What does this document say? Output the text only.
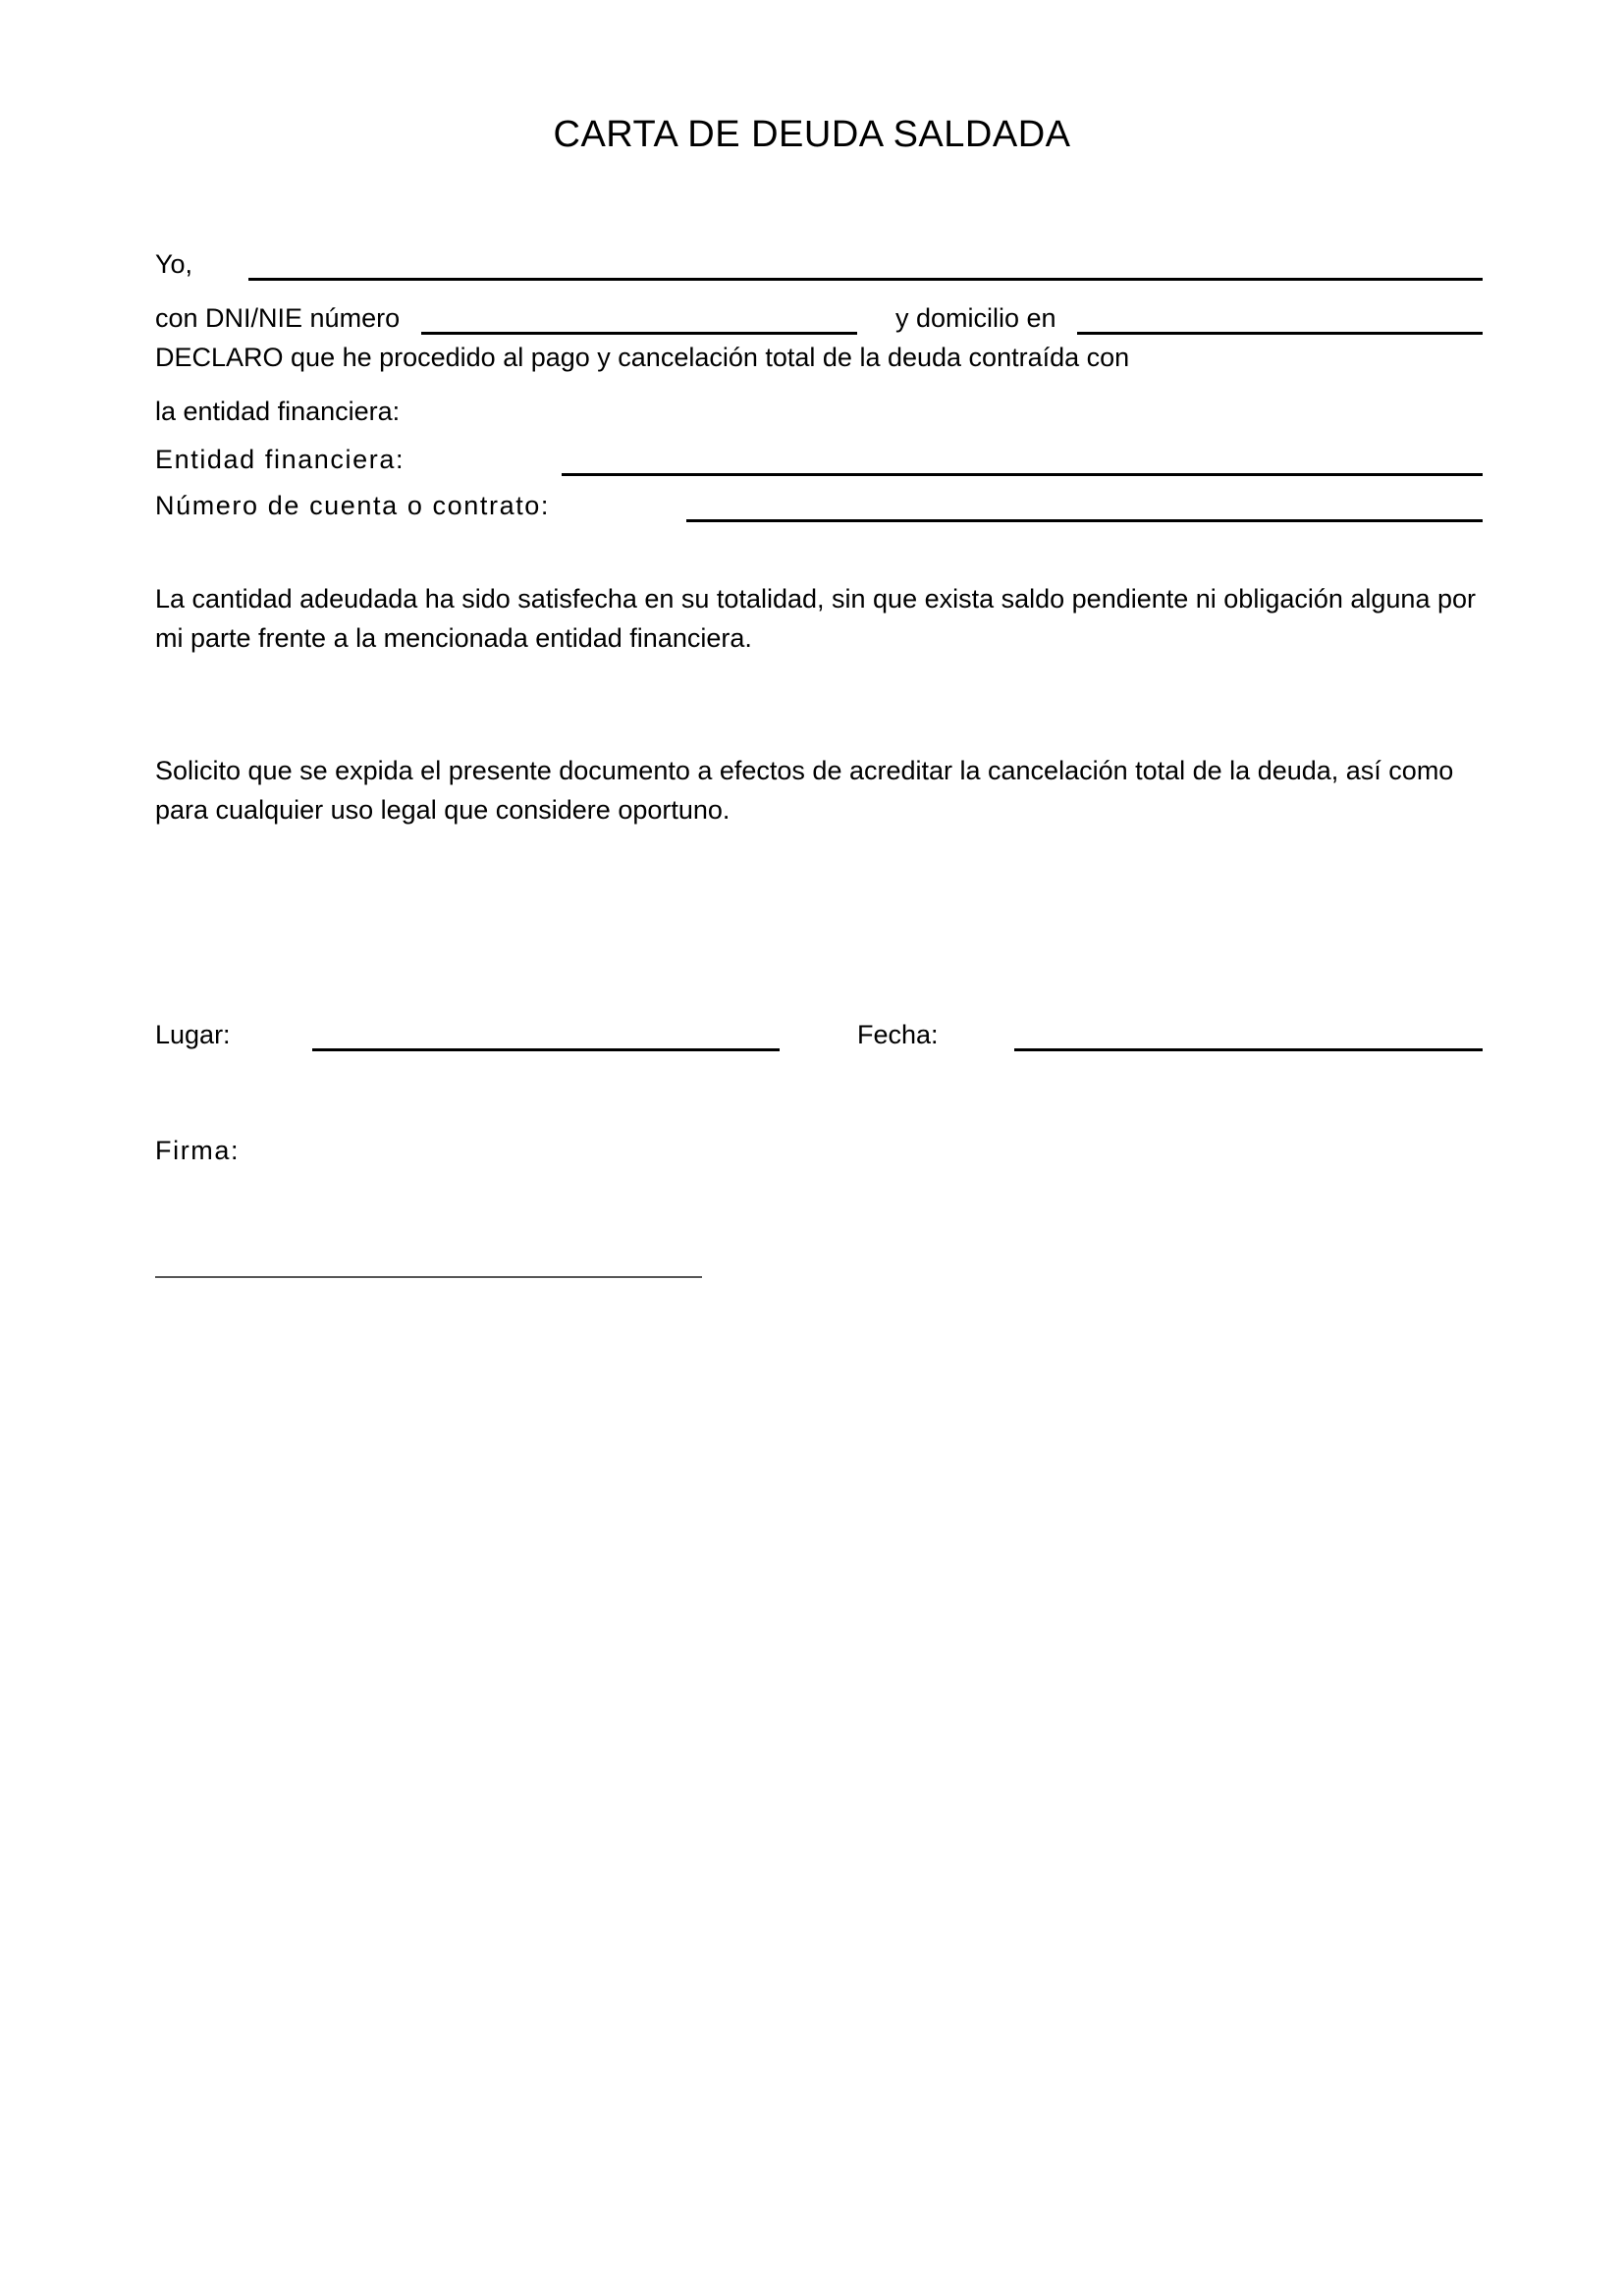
CARTA DE DEUDA SALDADA
Yo,
con DNI/NIE número	y domicilio en
DECLARO que he procedido al pago y cancelación total de la deuda contraída con
la entidad financiera:
Entidad financiera:
Número de cuenta o contrato:
La cantidad adeudada ha sido satisfecha en su totalidad, sin que exista saldo pendiente ni obligación alguna por mi parte frente a la mencionada entidad financiera.
Solicito que se expida el presente documento a efectos de acreditar la cancelación total de la deuda, así como para cualquier uso legal que considere oportuno.
Lugar:	Fecha:
Firma:
